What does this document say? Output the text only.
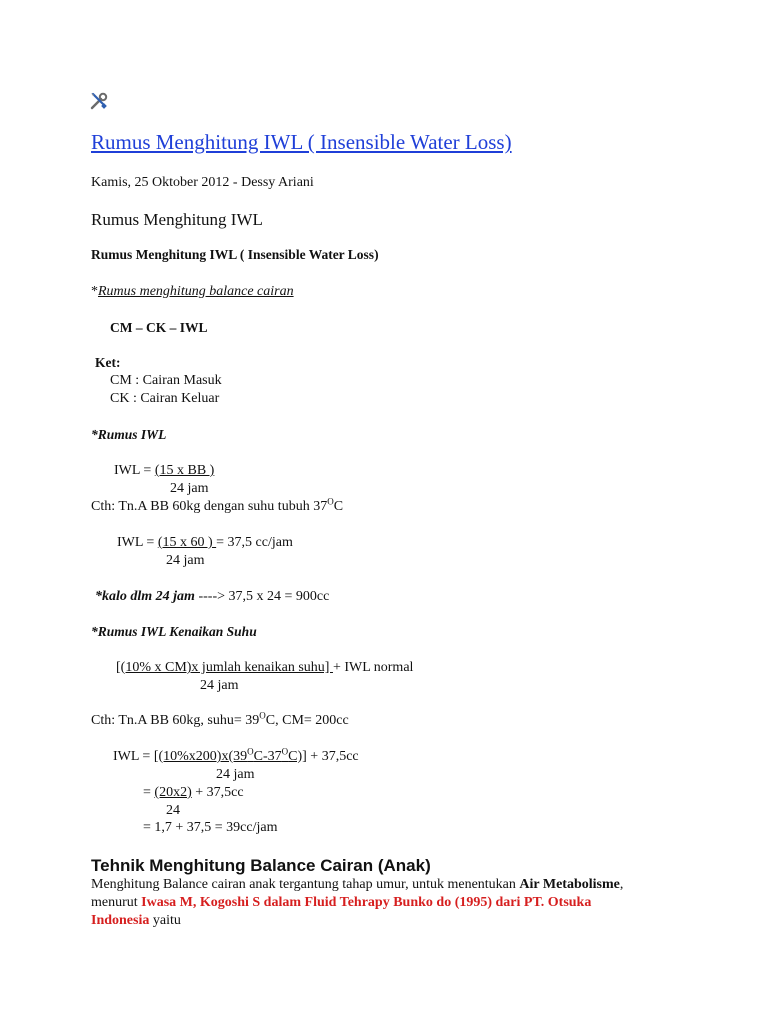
Rumus Menghitung IWL ( Insensible Water Loss)
Kamis, 25 Oktober 2012 - Dessy Ariani
Rumus Menghitung IWL
Rumus Menghitung IWL ( Insensible Water Loss)
*Rumus menghitung balance cairan
CM – CK – IWL
Ket:
CM : Cairan Masuk
CK : Cairan Keluar
*Rumus IWL
IWL = (15 x BB )
24 jam
Cth: Tn.A BB 60kg dengan suhu tubuh $37^OC$
IWL = (15 x 60 ) = 37,5 cc/jam
24 jam
*kalo dlm 24 jam ----> 37,5 x 24 = 900cc
*Rumus IWL Kenaikan Suhu
[(10% x CM)x jumlah kenaikan suhu] + IWL normal
24 jam
Cth: Tn.A BB 60kg, suhu= $39^OC$, CM= 200cc
IWL = $[(10\%x200)x(39^OC-37^OC)] + 37,5cc$
24 jam
= (20x2) + 37,5cc
24
= 1,7 + 37,5 = 39cc/jam
Tehnik Menghitung Balance Cairan (Anak)
Menghitung Balance cairan anak tergantung tahap umur, untuk menentukan Air Metabolisme,
menurut Iwasa M, Kogoshi S dalam Fluid Tehrapy Bunko do (1995) dari PT. Otsuka
Indonesia yaitu
